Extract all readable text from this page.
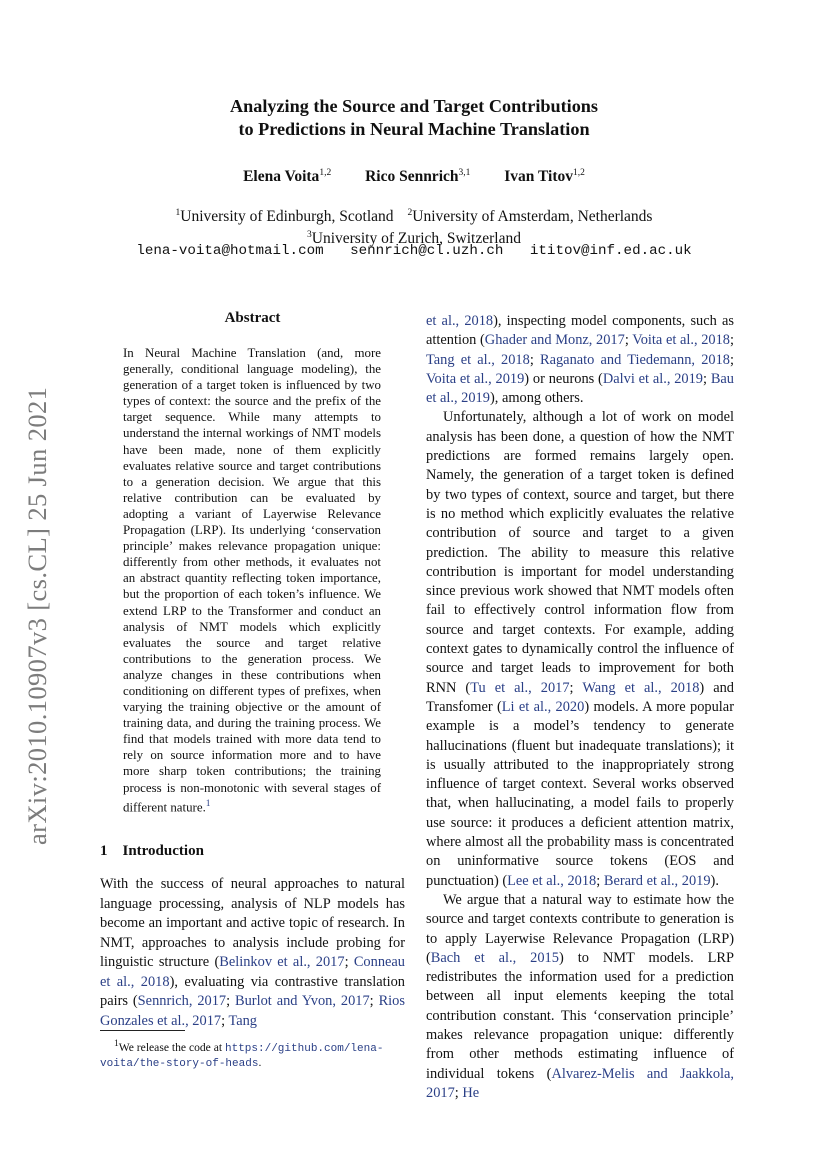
Analyzing the Source and Target Contributions
to Predictions in Neural Machine Translation
Elena Voita$^{1,2}$ Rico Sennrich$^{3,1}$ Ivan Titov$^{1,2}$
$^1$University of Edinburgh, Scotland $^2$University of Amsterdam, Netherlands
$^3$University of Zurich, Switzerland
lena-voita@hotmail.com sennrich@cl.uzh.ch ititov@inf.ed.ac.uk
arXiv:2010.10907v3 [cs.CL] 25 Jun 2021
Abstract
In Neural Machine Translation (and, more generally, conditional language modeling), the generation of a target token is influenced by two types of context: the source and the prefix of the target sequence. While many attempts to understand the internal workings of NMT models have been made, none of them explicitly evaluates relative source and target contributions to a generation decision. We argue that this relative contribution can be evaluated by adopting a variant of Layerwise Relevance Propagation (LRP). Its underlying ‘conservation principle’ makes relevance propagation unique: differently from other methods, it evaluates not an abstract quantity reflecting token importance, but the proportion of each token’s influence. We extend LRP to the Transformer and conduct an analysis of NMT models which explicitly evaluates the source and target relative contributions to the generation process. We analyze changes in these contributions when conditioning on different types of prefixes, when varying the training objective or the amount of training data, and during the training process. We find that models trained with more data tend to rely on source information more and to have more sharp token contributions; the training process is non-monotonic with several stages of different nature.$^1$
1 Introduction
With the success of neural approaches to natural language processing, analysis of NLP models has become an important and active topic of research. In NMT, approaches to analysis include probing for linguistic structure (Belinkov et al., 2017; Conneau et al., 2018), evaluating via contrastive translation pairs (Sennrich, 2017; Burlot and Yvon, 2017; Rios Gonzales et al., 2017; Tang
$^1$We release the code at https://github.com/lena-voita/the-story-of-heads.

et al., 2018), inspecting model components, such as attention (Ghader and Monz, 2017; Voita et al., 2018; Tang et al., 2018; Raganato and Tiedemann, 2018; Voita et al., 2019) or neurons (Dalvi et al., 2019; Bau et al., 2019), among others.

Unfortunately, although a lot of work on model analysis has been done, a question of how the NMT predictions are formed remains largely open. Namely, the generation of a target token is defined by two types of context, source and target, but there is no method which explicitly evaluates the relative contribution of source and target to a given prediction. The ability to measure this relative contribution is important for model understanding since previous work showed that NMT models often fail to effectively control information flow from source and target contexts. For example, adding context gates to dynamically control the influence of source and target leads to improvement for both RNN (Tu et al., 2017; Wang et al., 2018) and Transfomer (Li et al., 2020) models. A more popular example is a model’s tendency to generate hallucinations (fluent but inadequate translations); it is usually attributed to the inappropriately strong influence of target context. Several works observed that, when hallucinating, a model fails to properly use source: it produces a deficient attention matrix, where almost all the probability mass is concentrated on uninformative source tokens (EOS and punctuation) (Lee et al., 2018; Berard et al., 2019).

We argue that a natural way to estimate how the source and target contexts contribute to generation is to apply Layerwise Relevance Propagation (LRP) (Bach et al., 2015) to NMT models. LRP redistributes the information used for a prediction between all input elements keeping the total contribution constant. This ‘conservation principle’ makes relevance propagation unique: differently from other methods estimating influence of individual tokens (Alvarez-Melis and Jaakkola, 2017; He
